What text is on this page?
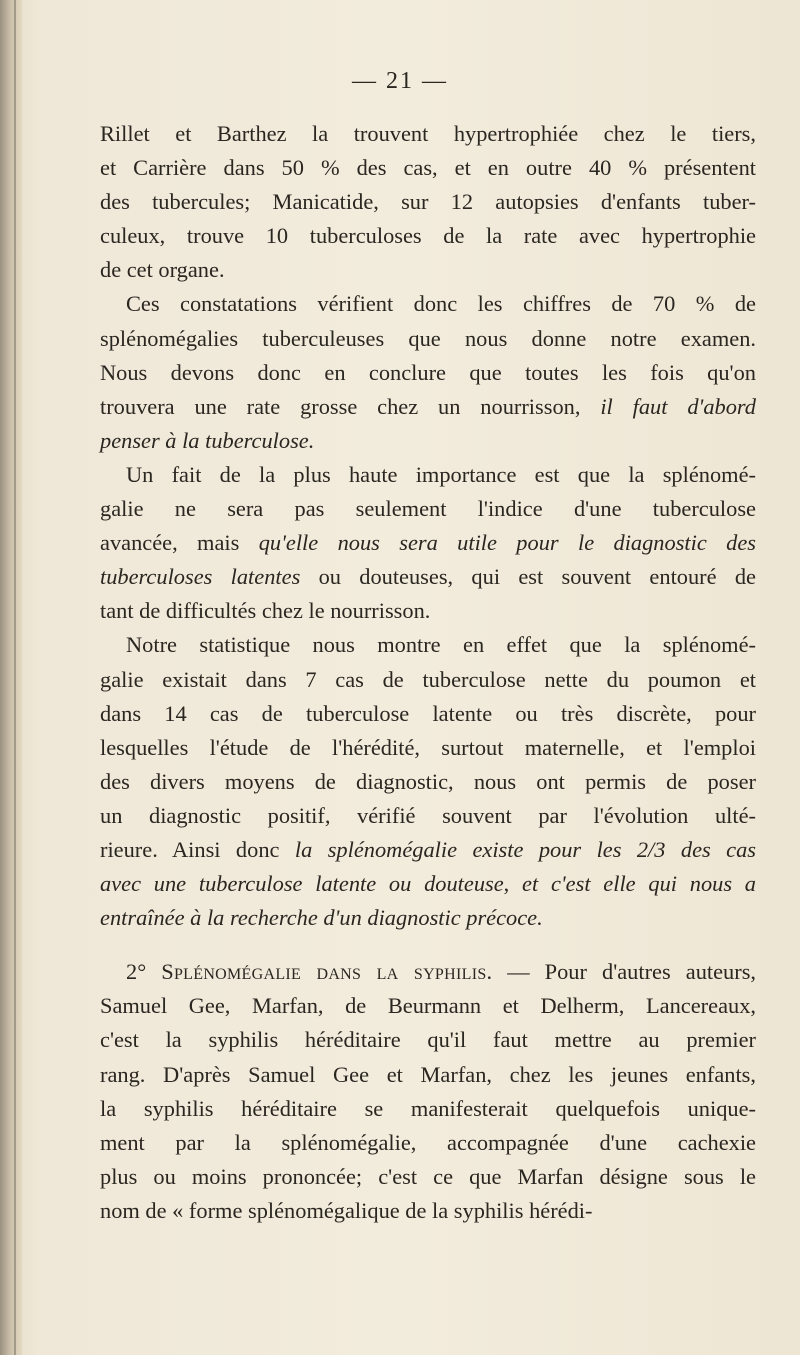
— 21 —
Rillet et Barthez la trouvent hypertrophiée chez le tiers,
et Carrière dans 50 % des cas, et en outre 40 % présentent
des tubercules; Manicatide, sur 12 autopsies d'enfants tuber-
culeux, trouve 10 tuberculoses de la rate avec hypertrophie
de cet organe.
Ces constatations vérifient donc les chiffres de 70 % de
splénomégalies tuberculeuses que nous donne notre examen.
Nous devons donc en conclure que toutes les fois qu'on
trouvera une rate grosse chez un nourrisson, il faut d'abord
penser à la tuberculose.
Un fait de la plus haute importance est que la splénomé-
galie ne sera pas seulement l'indice d'une tuberculose
avancée, mais qu'elle nous sera utile pour le diagnostic des
tuberculoses latentes ou douteuses, qui est souvent entouré de
tant de difficultés chez le nourrisson.
Notre statistique nous montre en effet que la splénomé-
galie existait dans 7 cas de tuberculose nette du poumon et
dans 14 cas de tuberculose latente ou très discrète, pour
lesquelles l'étude de l'hérédité, surtout maternelle, et l'emploi
des divers moyens de diagnostic, nous ont permis de poser
un diagnostic positif, vérifié souvent par l'évolution ulté-
rieure. Ainsi donc la splénomégalie existe pour les 2/3 des cas
avec une tuberculose latente ou douteuse, et c'est elle qui nous a
entraînée à la recherche d'un diagnostic précoce.
2° Splénomégalie dans la syphilis. — Pour d'autres auteurs,
Samuel Gee, Marfan, de Beurmann et Delherm, Lancereaux,
c'est la syphilis héréditaire qu'il faut mettre au premier
rang. D'après Samuel Gee et Marfan, chez les jeunes enfants,
la syphilis héréditaire se manifesterait quelquefois unique-
ment par la splénomégalie, accompagnée d'une cachexie
plus ou moins prononcée; c'est ce que Marfan désigne sous le
nom de « forme splénomégalique de la syphilis hérédi-
